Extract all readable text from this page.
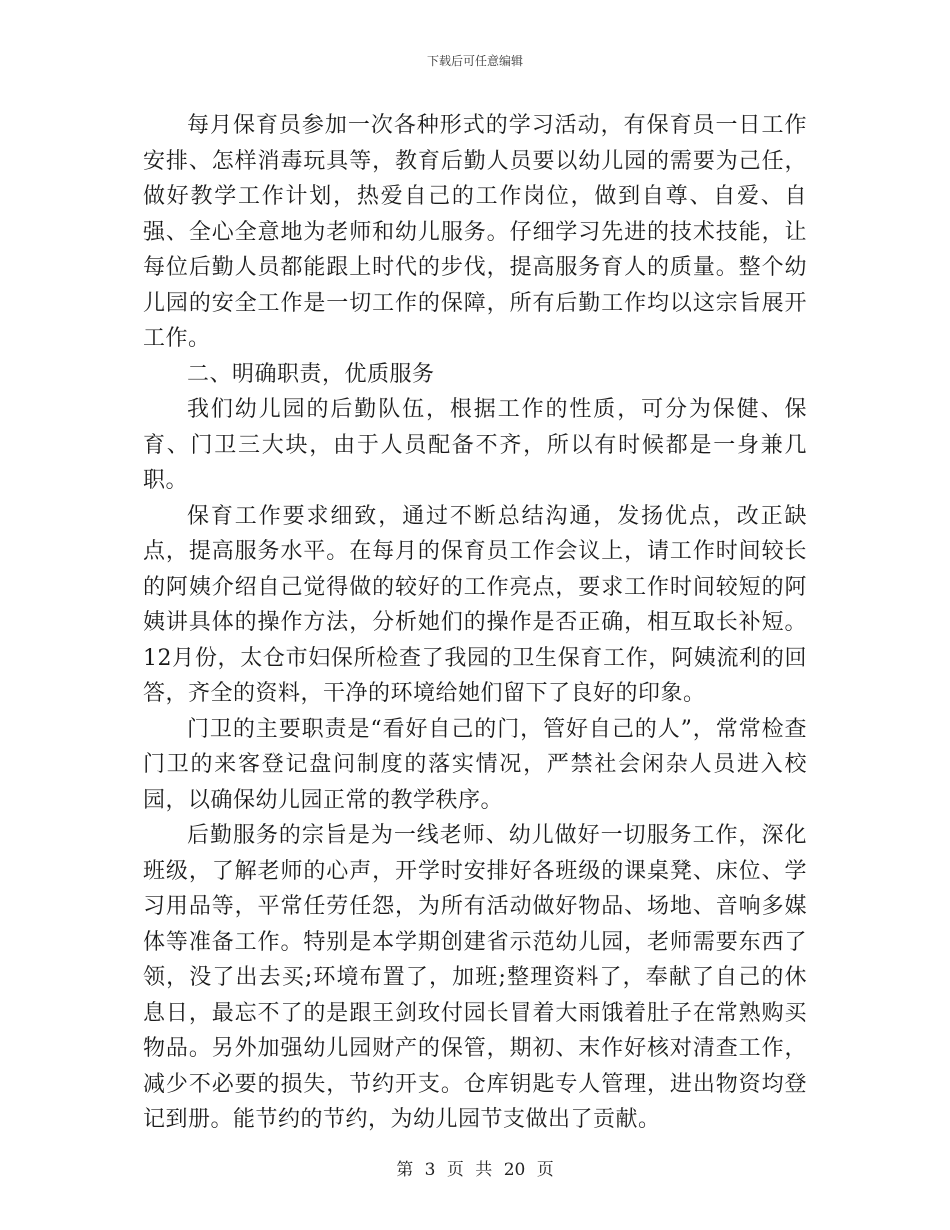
下载后可任意编辑

每月保育员参加一次各种形式的学习活动，有保育员一日工作安排、怎样消毒玩具等，教育后勤人员要以幼儿园的需要为己任，做好教学工作计划，热爱自己的工作岗位，做到自尊、自爱、自强、全心全意地为老师和幼儿服务。仔细学习先进的技术技能，让每位后勤人员都能跟上时代的步伐，提高服务育人的质量。整个幼儿园的安全工作是一切工作的保障，所有后勤工作均以这宗旨展开工作。

二、明确职责，优质服务

我们幼儿园的后勤队伍，根据工作的性质，可分为保健、保育、门卫三大块，由于人员配备不齐，所以有时候都是一身兼几职。

保育工作要求细致，通过不断总结沟通，发扬优点，改正缺点，提高服务水平。在每月的保育员工作会议上，请工作时间较长的阿姨介绍自己觉得做的较好的工作亮点，要求工作时间较短的阿姨讲具体的操作方法，分析她们的操作是否正确，相互取长补短。12月份，太仓市妇保所检查了我园的卫生保育工作，阿姨流利的回答，齐全的资料，干净的环境给她们留下了良好的印象。

门卫的主要职责是“看好自己的门，管好自己的人”，常常检查门卫的来客登记盘问制度的落实情况，严禁社会闲杂人员进入校园，以确保幼儿园正常的教学秩序。

后勤服务的宗旨是为一线老师、幼儿做好一切服务工作，深化班级，了解老师的心声，开学时安排好各班级的课桌凳、床位、学习用品等，平常任劳任怨，为所有活动做好物品、场地、音响多媒体等准备工作。特别是本学期创建省示范幼儿园，老师需要东西了领，没了出去买;环境布置了，加班;整理资料了，奉献了自己的休息日，最忘不了的是跟王剑玫付园长冒着大雨饿着肚子在常熟购买物品。另外加强幼儿园财产的保管，期初、末作好核对清查工作，减少不必要的损失，节约开支。仓库钥匙专人管理，进出物资均登记到册。能节约的节约，为幼儿园节支做出了贡献。

第 3 页 共 20 页
